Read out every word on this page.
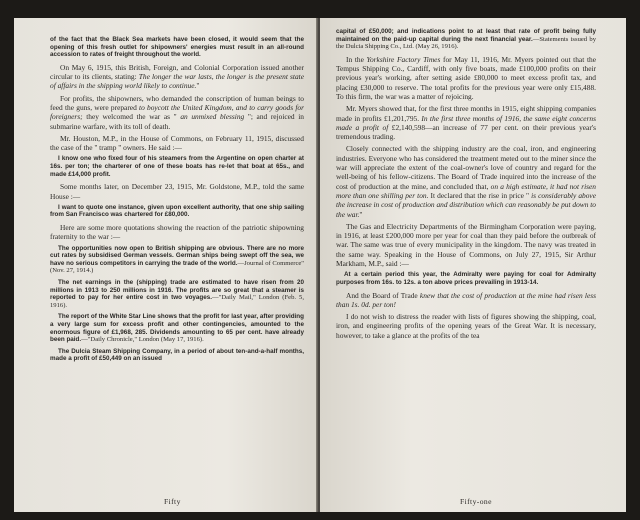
of the fact that the Black Sea markets have been closed, it would seem that the opening of this fresh outlet for shipowners' energies must result in an all-round accession to rates of freight throughout the world.

On May 6, 1915, this British, Foreign, and Colonial Corporation issued another circular to its clients, stating: The longer the war lasts, the longer is the present state of affairs in the shipping world likely to continue."

For profits, the shipowners, who demanded the conscription of human beings to feed the guns, were prepared to boycott the United Kingdom, and to carry goods for foreigners; they welcomed the war as " an unmixed blessing "; and rejoiced in submarine warfare, with its toll of death.

Mr. Houston, M.P., in the House of Commons, on February 11, 1915, discussed the case of the " tramp " owners. He said :—

I know one who fixed four of his steamers from the Argentine on open charter at 16s. per ton; the charterer of one of these boats has re-let that boat at 65s., and made £14,000 profit.

Some months later, on December 23, 1915, Mr. Goldstone, M.P., told the same House :—

I want to quote one instance, given upon excellent authority, that one ship sailing from San Francisco was chartered for £80,000.

Here are some more quotations showing the reaction of the patriotic shipowning fraternity to the war :—

The opportunities now open to British shipping are obvious. There are no more cut rates by subsidised German vessels. German ships being swept off the sea, we have no serious competitors in carrying the trade of the world.—Journal of Commerce" (Nov. 27, 1914.)
The net earnings in the (shipping) trade are estimated to have risen from 20 millions in 1913 to 250 millions in 1916. The profits are so great that a steamer is reported to pay for her entire cost in two voyages.—"Daily Mail," London (Feb. 5, 1916).
The report of the White Star Line shows that the profit for last year, after providing a very large sum for excess profit and other contingencies, amounted to the enormous figure of £1,968, 285. Dividends amounting to 65 per cent. have already been paid.—"Daily Chronicle," London (May 17, 1916).
The Dulcia Steam Shipping Company, in a period of about ten-and-a-half months, made a profit of £50,449 on an issued
Fifty
capital of £50,000; and indications point to at least that rate of profit being fully maintained on the paid-up capital during the next financial year.—Statements issued by the Dulcia Shipping Co., Ltd. (May 26, 1916).

In the Yorkshire Factory Times for May 11, 1916, Mr. Myers pointed out that the Tempus Shipping Co., Cardiff, with only five boats, made £100,000 profits on their previous year's working, after setting aside £80,000 to meet excess profit tax, and placing £30,000 to reserve. The total profits for the previous year were only £15,488. To this firm, the war was a matter of rejoicing.

Mr. Myers showed that, for the first three months in 1915, eight shipping companies made in profits £1,201,795. In the first three months of 1916, the same eight concerns made a profit of £2,140,598—an increase of 77 per cent. on their previous year's tremendous trading.

Closely connected with the shipping industry are the coal, iron, and engineering industries. Everyone who has considered the treatment meted out to the miner since the war will appreciate the extent of the coal-owner's love of country and regard for the well-being of his fellow-citizens. The Board of Trade inquired into the increase of the cost of production at the mine, and concluded that, on a high estimate, it had not risen more than one shilling per ton. It declared that the rise in price " is considerably above the increase in cost of production and distribution which can reasonably be put down to the war."

The Gas and Electricity Departments of the Birmingham Corporation were paying, in 1916, at least £200,000 more per year for coal than they paid before the outbreak of war. The same was true of every municipality in the kingdom. The navy was treated in the same way. Speaking in the House of Commons, on July 27, 1915, Sir Arthur Markham, M.P., said :—

At a certain period this year, the Admiralty were paying for coal for Admiralty purposes from 16s. to 12s. a ton above prices prevailing in 1913-14.

And the Board of Trade knew that the cost of production at the mine had risen less than 1s. 0d. per ton!

I do not wish to distress the reader with lists of figures showing the shipping, coal, iron, and engineering profits of the opening years of the Great War. It is necessary, however, to take a glance at the profits of the tea

Fifty-one
